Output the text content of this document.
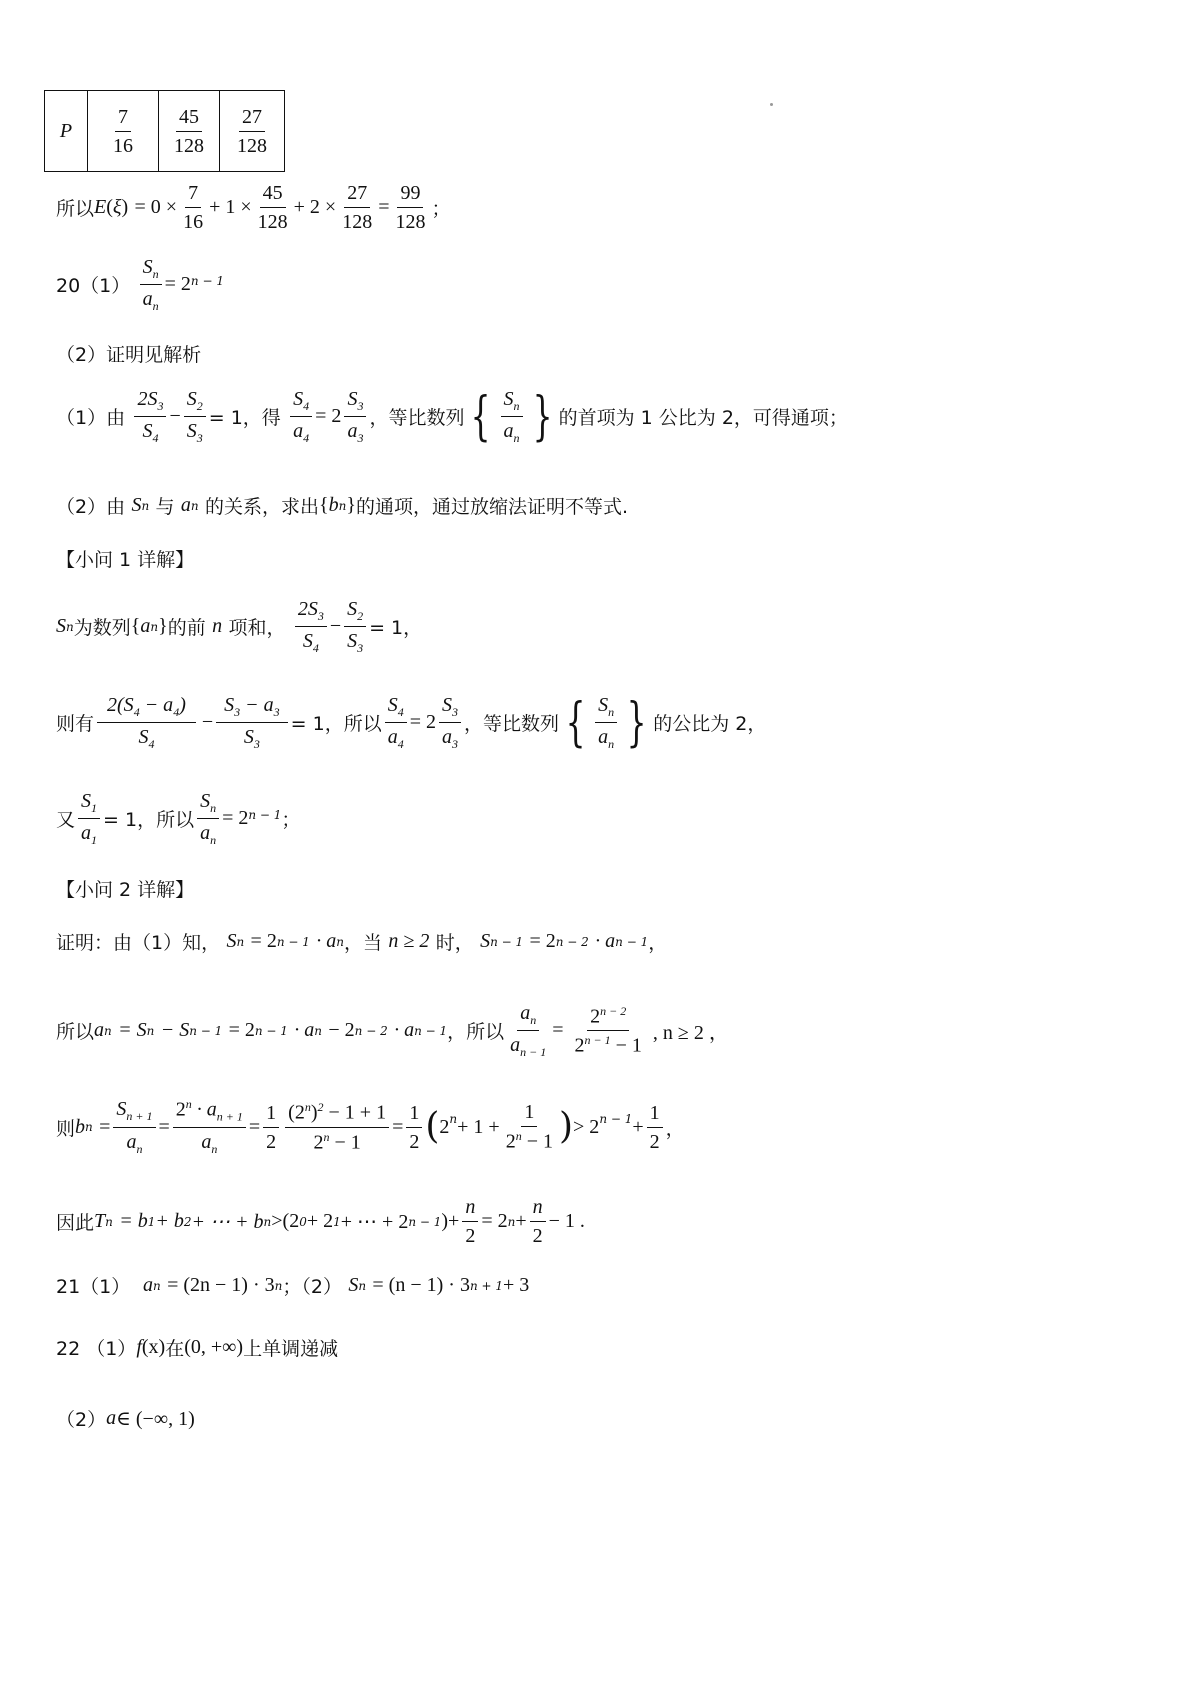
P	$\frac{7}{16}$	$\frac{45}{128}$	$\frac{27}{128}$
所以 E ( ξ )
= $0 \times \frac{7}{16} + 1 \times \frac{45}{128} + 2 \times \frac{27}{128} = \frac{99}{128}$ ；
20（1）
$\frac{S_n}{a_n} = 2$ n − 1
（2）证明见解析
（1）由
$\frac{2S_3}{S_4} - \frac{S_2}{S_3} = 1$，得
$\frac{S_4}{a_4} = 2 \frac{S_3}{a_3}$ ，等比数列 { $\frac{S_n}{a_n}$ } 的首项为 1 公比为 2，可得通项；
（2）由
S n
与
a n
的关系，求出 { b n } 的通项，通过放缩法证明不等式.
【小问 1 详解】
S n 为数列 { a n } 的前
n
项和，
$\frac{2S_3}{S_4} - \frac{S_2}{S_3} = 1$，
则有 $\frac{2(S_4 - a_4)}{S_4} - \frac{S_3 - a_3}{S_3} = 1$，所以 $\frac{S_4}{a_4} = 2 \frac{S_3}{a_3}$ ，等比数列 { $\frac{S_n}{a_n}$ } 的公比为 2，
又 $\frac{S_1}{a_1} = 1$，所以 $\frac{S_n}{a_n} = 2$ n − 1 ；
【小问 2 详解】
证明：由（1）知，
S n
= 2 n − 1
· a n ，当
n ≥ 2
时，
S n − 1
= 2 n − 2
· a n − 1 ，
所以 a n
= S n
− S n − 1
= 2 n − 1
· a n
− 2 n − 2
· a n − 1 ，所以 $\frac{a_n}{a_{n - 1}} = \frac{2^{n - 2}}{2^{n - 1} - 1}$ , n ≥ 2 ，
则 b n
= $\frac{S_{n + 1}}{a_n} = \frac{2^n \cdot a_{n + 1}}{a_n} = \frac{1}{2} \frac{(2^n)^2 - 1 + 1}{2^n - 1} = \frac{1}{2}$ ( $2^n + 1 + \frac{1}{2^n - 1}$ ) > $2^{n - 1} + \frac{1}{2}$ ，
因此 T n
= b 1 + b 2 + ⋯ + b n > (2 0 + 2 1 + ⋯ + 2 n − 1 ) + $\frac{n}{2} = 2$ $n + \frac{n}{2} - 1$ .
21（1）
a n
= (2n − 1) · 3 n ；（2）
S n
= (n − 1) · 3 n + 1 + 3
22 （1） f (x) 在 (0, +∞) 上单调递减
（2） a ∈ (−∞, 1)
